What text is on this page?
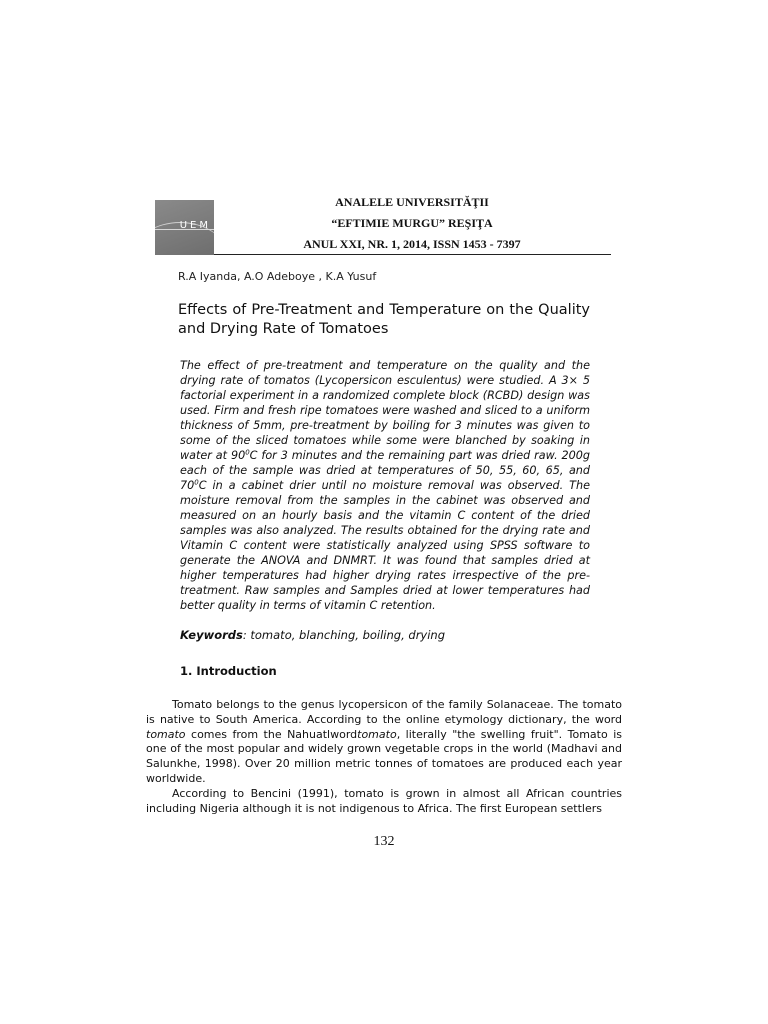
UEM
ANALELE UNIVERSITĂŢII
“EFTIMIE MURGU” REŞIŢA
ANUL XXI, NR. 1, 2014, ISSN 1453 - 7397
R.A Iyanda, A.O Adeboye , K.A Yusuf
Effects of Pre-Treatment and Temperature on the Quality and Drying Rate of Tomatoes

The effect of pre-treatment and temperature on the quality and the drying rate of tomatos (Lycopersicon esculentus) were studied. A 3× 5 factorial experiment in a randomized complete block (RCBD) design was used. Firm and fresh ripe tomatoes were washed and sliced to a uniform thickness of 5mm, pre-treatment by boiling for 3 minutes was given to some of the sliced tomatoes while some were blanched by soaking in water at $90^0C$ for 3 minutes and the remaining part was dried raw. 200g each of the sample was dried at temperatures of 50, 55, 60, 65, and $70^0C$ in a cabinet drier until no moisture removal was observed. The moisture removal from the samples in the cabinet was observed and measured on an hourly basis and the vitamin C content of the dried samples was also analyzed. The results obtained for the drying rate and Vitamin C content were statistically analyzed using SPSS software to generate the ANOVA and DNMRT. It was found that samples dried at higher temperatures had higher drying rates irrespective of the pre-treatment. Raw samples and Samples dried at lower temperatures had better quality in terms of vitamin C retention.

Keywords: tomato, blanching, boiling, drying
1. Introduction

Tomato belongs to the genus lycopersicon of the family Solanaceae. The tomato is native to South America. According to the online etymology dictionary, the word tomato comes from the Nahuatlwordtomato, literally "the swelling fruit". Tomato is one of the most popular and widely grown vegetable crops in the world (Madhavi and Salunkhe, 1998). Over 20 million metric tonnes of tomatoes are produced each year worldwide.

According to Bencini (1991), tomato is grown in almost all African countries including Nigeria although it is not indigenous to Africa. The first European settlers

132
